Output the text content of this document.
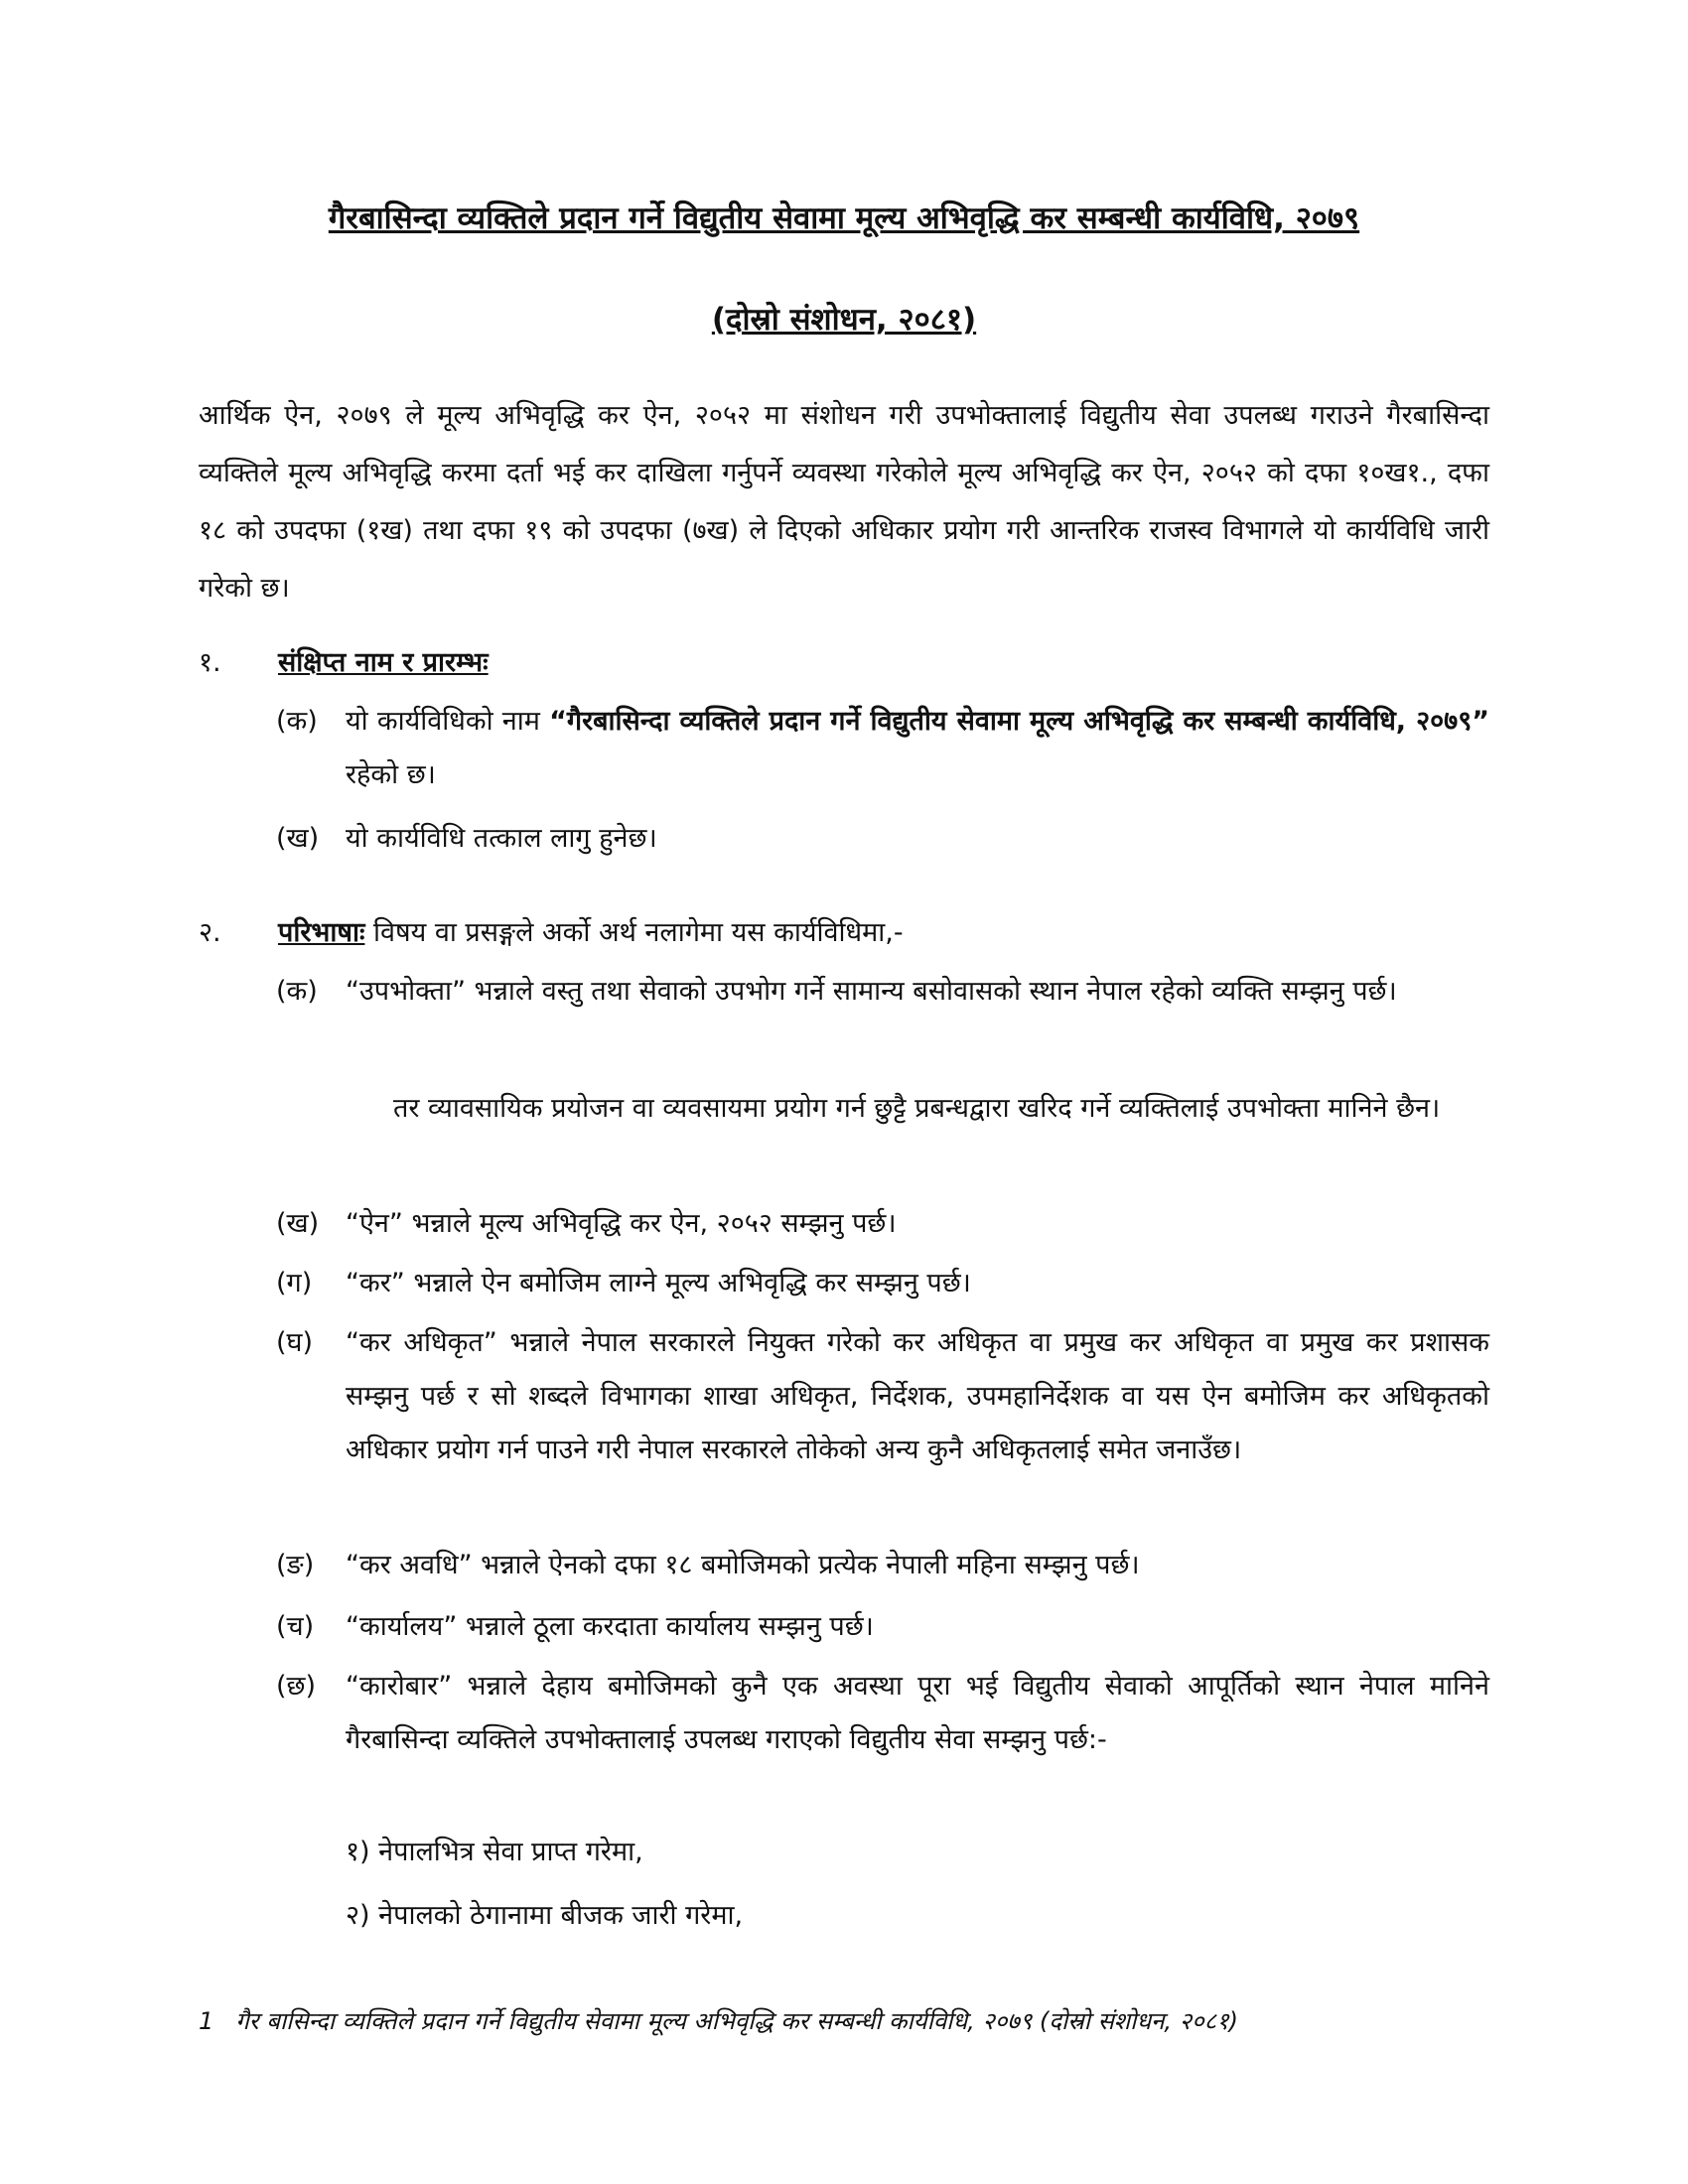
गैरबासिन्दा व्यक्तिले प्रदान गर्ने विद्युतीय सेवामा मूल्य अभिवृद्धि कर सम्बन्धी कार्यविधि, २०७९
(दोस्रो संशोधन, २०८१)
आर्थिक ऐन, २०७९ ले मूल्य अभिवृद्धि कर ऐन, २०५२ मा संशोधन गरी उपभोक्तालाई विद्युतीय सेवा उपलब्ध गराउने गैरबासिन्दा व्यक्तिले मूल्य अभिवृद्धि करमा दर्ता भई कर दाखिला गर्नुपर्ने व्यवस्था गरेकोले मूल्य अभिवृद्धि कर ऐन, २०५२ को दफा १०ख१., दफा १८ को उपदफा (१ख) तथा दफा १९ को उपदफा (७ख) ले दिएको अधिकार प्रयोग गरी आन्तरिक राजस्व विभागले यो कार्यविधि जारी गरेको छ।
१. संक्षिप्त नाम र प्रारम्भः
(क)	यो कार्यविधिको नाम “गैरबासिन्दा व्यक्तिले प्रदान गर्ने विद्युतीय सेवामा मूल्य अभिवृद्धि कर सम्बन्धी कार्यविधि, २०७९” रहेको छ।
(ख) यो कार्यविधि तत्काल लागु हुनेछ।
२. परिभाषाः विषय वा प्रसङ्गले अर्को अर्थ नलागेमा यस कार्यविधिमा,-
(क)	“उपभोक्ता” भन्नाले वस्तु तथा सेवाको उपभोग गर्ने सामान्य बसोवासको स्थान नेपाल रहेको व्यक्ति सम्झनु पर्छ।
तर व्यावसायिक प्रयोजन वा व्यवसायमा प्रयोग गर्न छुट्टै प्रबन्धद्वारा खरिद गर्ने व्यक्तिलाई उपभोक्ता मानिने छैन।
(ख) “ऐन” भन्नाले मूल्य अभिवृद्धि कर ऐन, २०५२ सम्झनु पर्छ।
(ग)	“कर” भन्नाले ऐन बमोजिम लाग्ने मूल्य अभिवृद्धि कर सम्झनु पर्छ।
(घ)	“कर अधिकृत” भन्नाले नेपाल सरकारले नियुक्त गरेको कर अधिकृत वा प्रमुख कर अधिकृत वा प्रमुख कर प्रशासक सम्झनु पर्छ र सो शब्दले विभागका शाखा अधिकृत, निर्देशक, उपमहानिर्देशक वा यस ऐन बमोजिम कर अधिकृतको अधिकार प्रयोग गर्न पाउने गरी नेपाल सरकारले तोकेको अन्य कुनै अधिकृतलाई समेत जनाउँछ।
(ङ)	“कर अवधि” भन्नाले ऐनको दफा १८ बमोजिमको प्रत्येक नेपाली महिना सम्झनु पर्छ।
(च)	“कार्यालय” भन्नाले ठूला करदाता कार्यालय सम्झनु पर्छ।
(छ)	“कारोबार” भन्नाले देहाय बमोजिमको कुनै एक अवस्था पूरा भई विद्युतीय सेवाको आपूर्तिको स्थान नेपाल मानिने गैरबासिन्दा व्यक्तिले उपभोक्तालाई उपलब्ध गराएको विद्युतीय सेवा सम्झनु पर्छ:-
१) नेपालभित्र सेवा प्राप्त गरेमा,
२) नेपालको ठेगानामा बीजक जारी गरेमा,
1 गैर बासिन्दा व्यक्तिले प्रदान गर्ने विद्युतीय सेवामा मूल्य अभिवृद्धि कर सम्बन्धी कार्यविधि, २०७९ (दोस्रो संशोधन, २०८१)
